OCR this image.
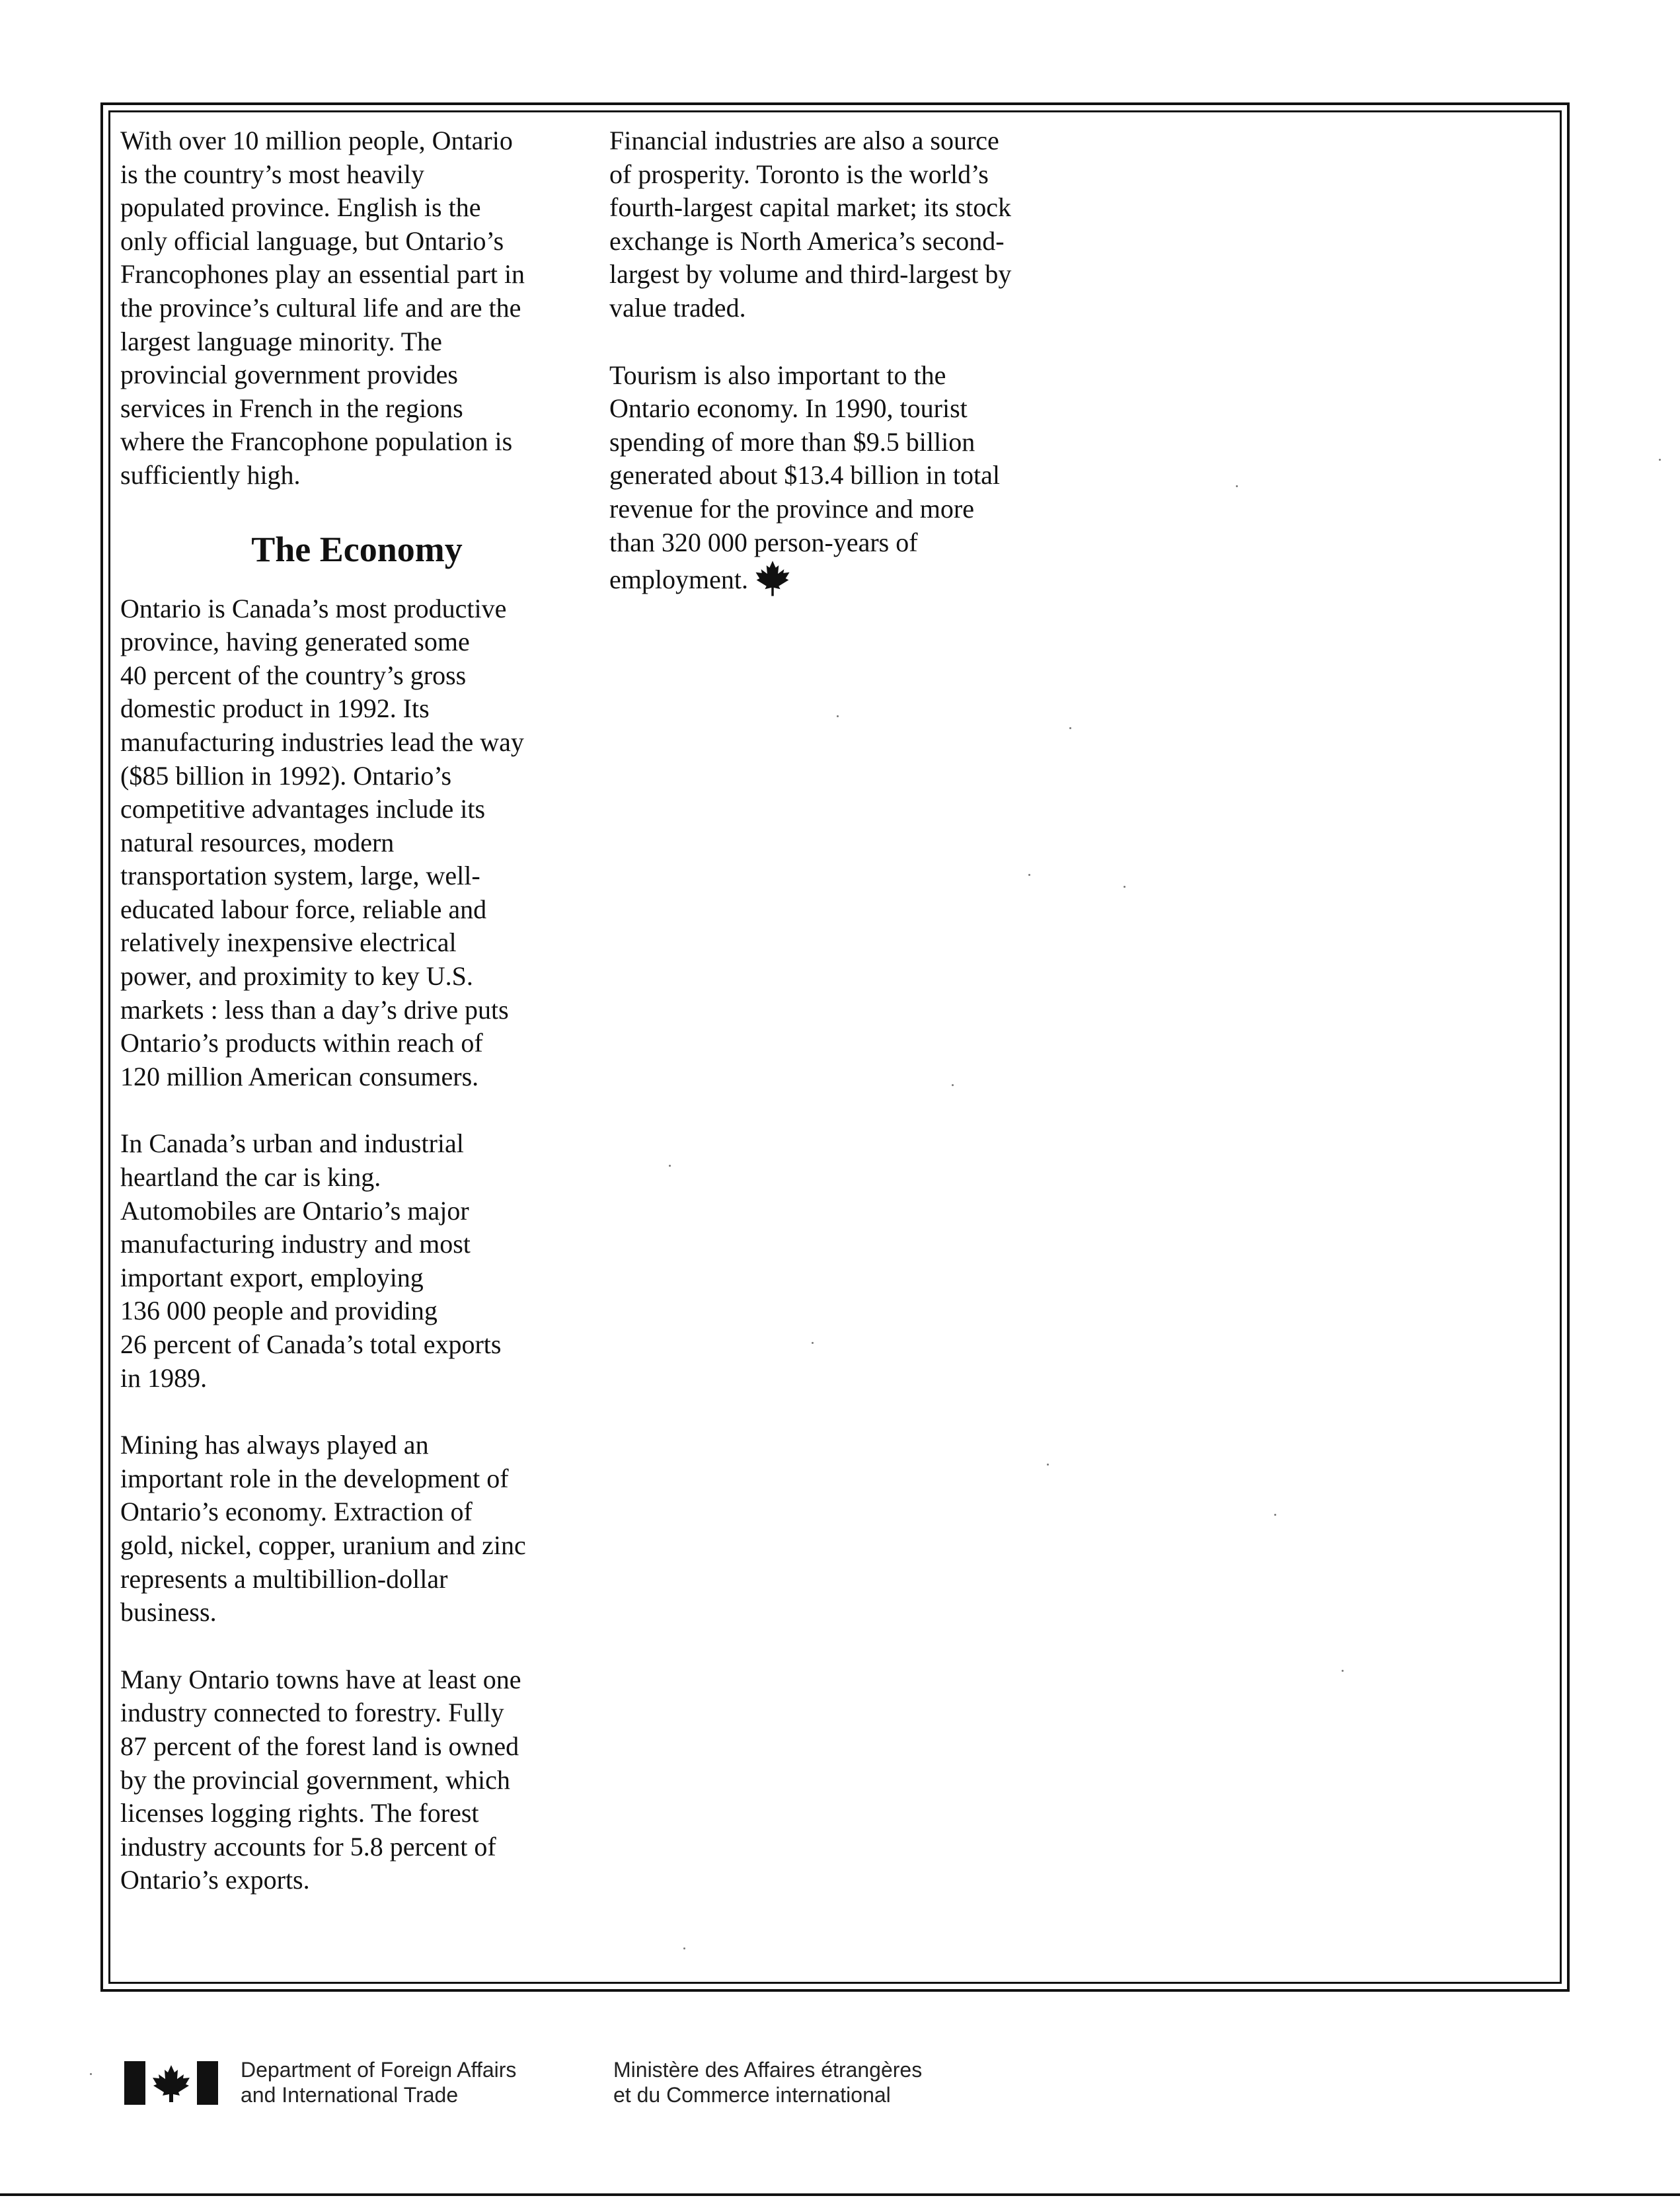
With over 10 million people, Ontario
is the country’s most heavily
populated province. English is the
only official language, but Ontario’s
Francophones play an essential part in
the province’s cultural life and are the
largest language minority. The
provincial government provides
services in French in the regions
where the Francophone population is
sufficiently high.

The Economy

Ontario is Canada’s most productive
province, having generated some
40 percent of the country’s gross
domestic product in 1992. Its
manufacturing industries lead the way
($85 billion in 1992). Ontario’s
competitive advantages include its
natural resources, modern
transportation system, large, well-
educated labour force, reliable and
relatively inexpensive electrical
power, and proximity to key U.S.
markets : less than a day’s drive puts
Ontario’s products within reach of
120 million American consumers.

In Canada’s urban and industrial
heartland the car is king.
Automobiles are Ontario’s major
manufacturing industry and most
important export, employing
136 000 people and providing
26 percent of Canada’s total exports
in 1989.

Mining has always played an
important role in the development of
Ontario’s economy. Extraction of
gold, nickel, copper, uranium and zinc
represents a multibillion-dollar
business.

Many Ontario towns have at least one
industry connected to forestry. Fully
87 percent of the forest land is owned
by the provincial government, which
licenses logging rights. The forest
industry accounts for 5.8 percent of
Ontario’s exports.

Financial industries are also a source
of prosperity. Toronto is the world’s
fourth-largest capital market; its stock
exchange is North America’s second-
largest by volume and third-largest by
value traded.

Tourism is also important to the
Ontario economy. In 1990, tourist
spending of more than $9.5 billion
generated about $13.4 billion in total
revenue for the province and more
than 320 000 person-years of
employment.

Department of Foreign Affairs
and International Trade
Ministère des Affaires étrangères
et du Commerce international
